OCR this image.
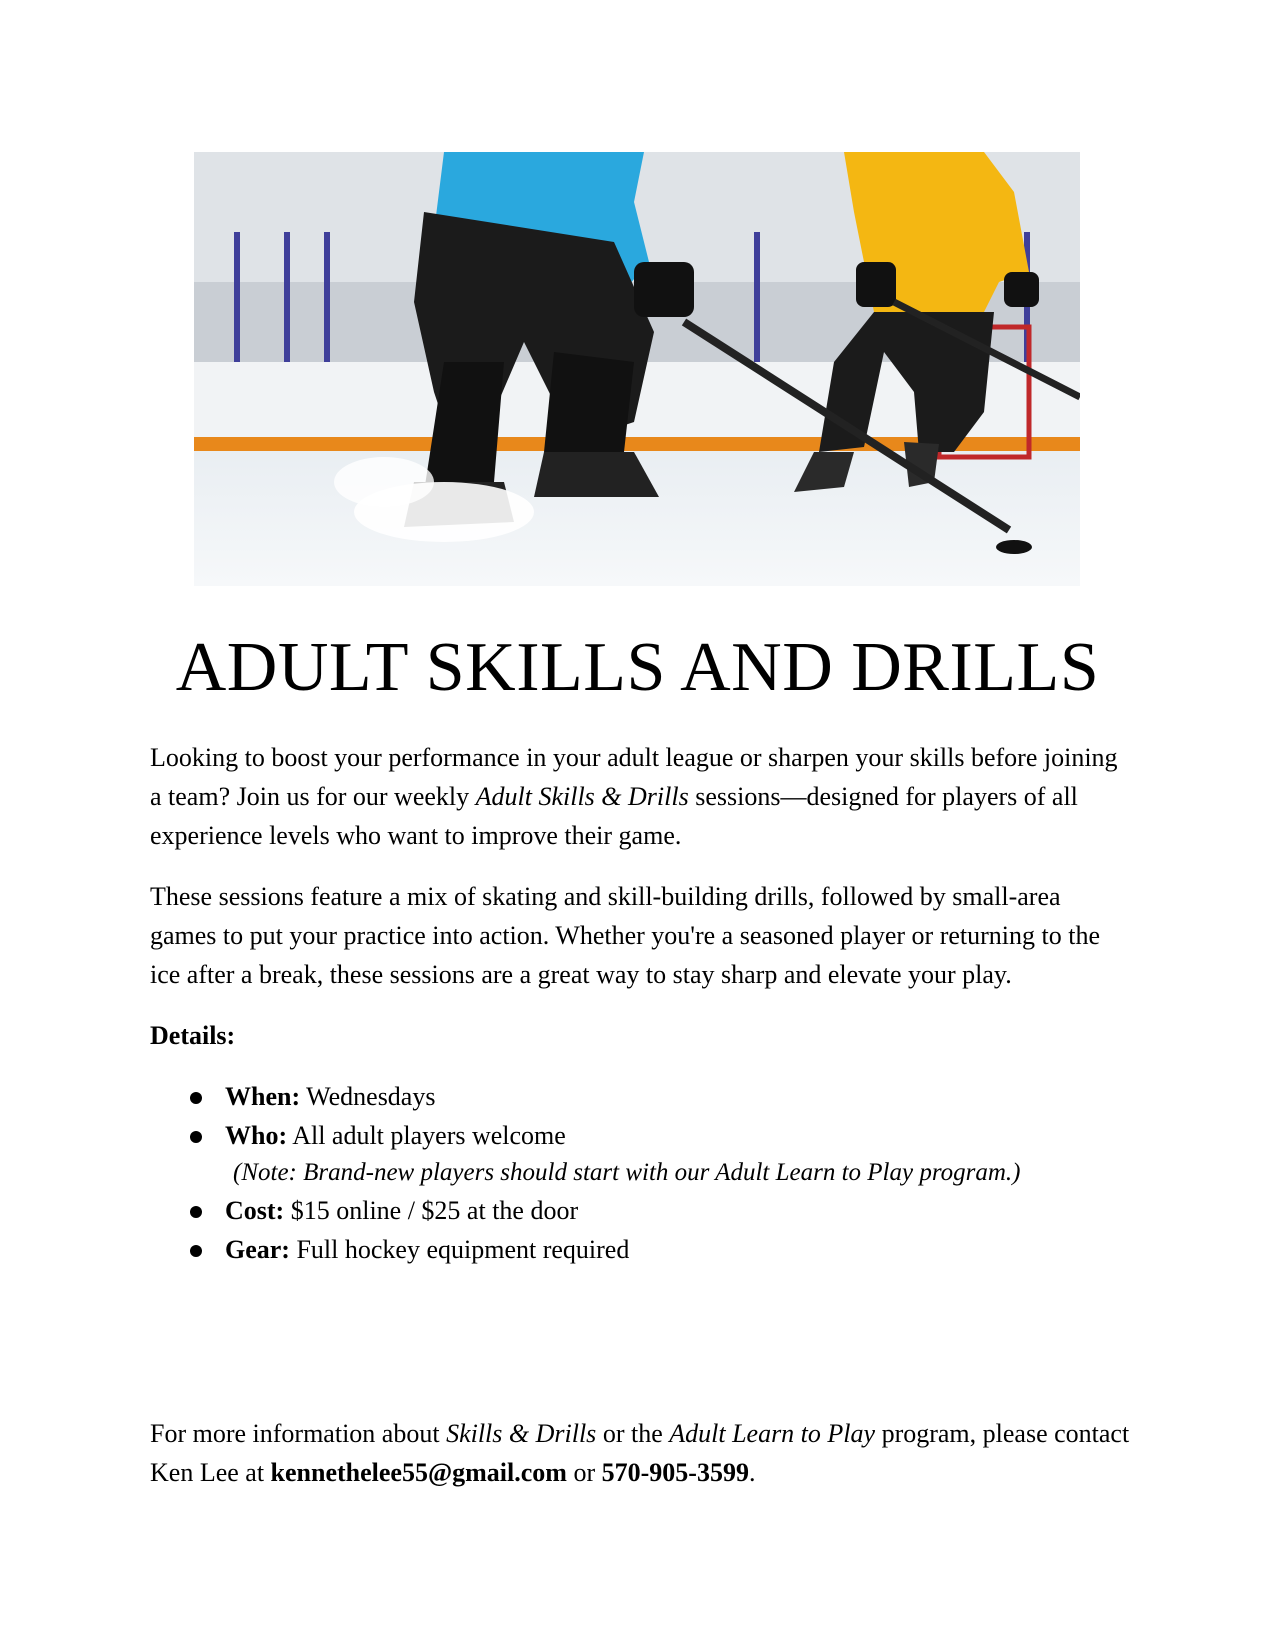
ADULT SKILLS AND DRILLS

Looking to boost your performance in your adult league or sharpen your skills before joining a team? Join us for our weekly Adult Skills & Drills sessions—designed for players of all experience levels who want to improve their game.

These sessions feature a mix of skating and skill-building drills, followed by small-area games to put your practice into action. Whether you're a seasoned player or returning to the ice after a break, these sessions are a great way to stay sharp and elevate your play.

Details:
When: Wednesdays
Who: All adult players welcome
(Note: Brand-new players should start with our Adult Learn to Play program.)
Cost: $15 online / $25 at the door
Gear: Full hockey equipment required

For more information about Skills & Drills or the Adult Learn to Play program, please contact Ken Lee at kennethelee55@gmail.com or 570-905-3599.
